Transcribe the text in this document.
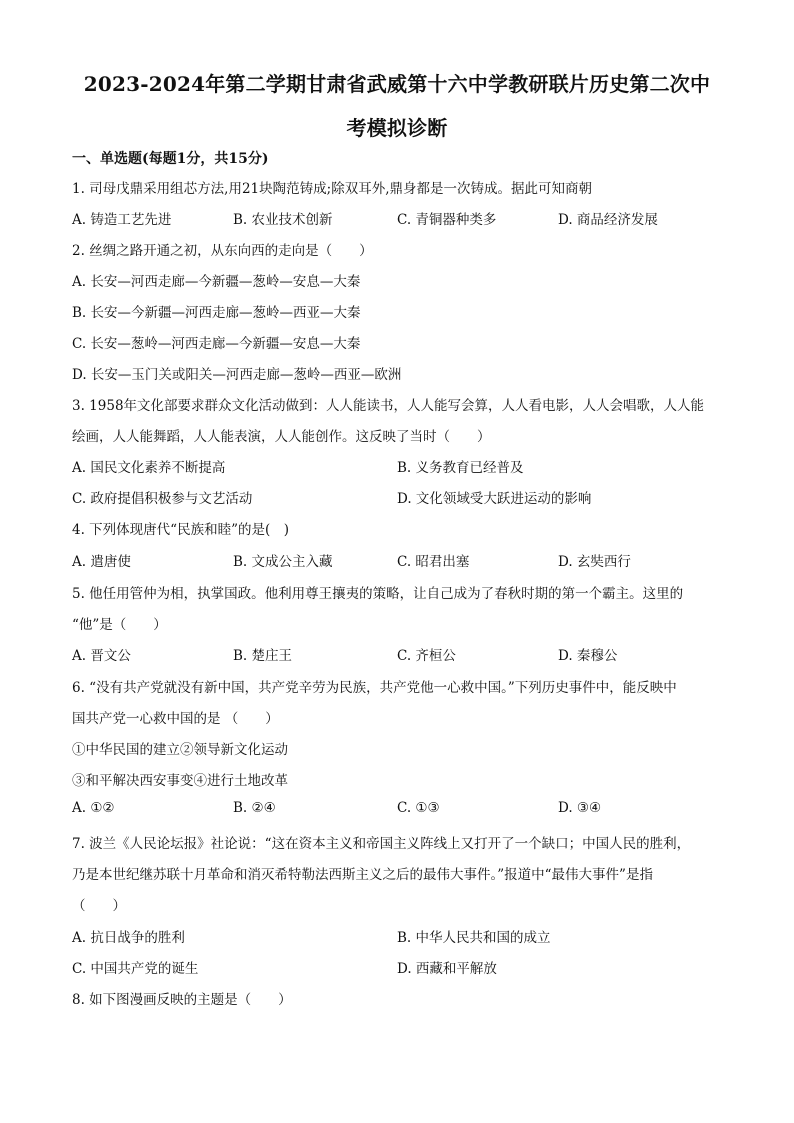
2023-2024年第二学期甘肃省武威第十六中学教研联片历史第二次中
考模拟诊断
一、单选题(每题1分，共15分)
1. 司母戊鼎采用组芯方法,用21块陶范铸成;除双耳外,鼎身都是一次铸成。据此可知商朝
A. 铸造工艺先进	B. 农业技术创新	C. 青铜器种类多	D. 商品经济发展
2. 丝绸之路开通之初，从东向西的走向是（　　）
A. 长安—河西走廊—今新疆—葱岭—安息—大秦
B. 长安—今新疆—河西走廊—葱岭—西亚—大秦
C. 长安—葱岭—河西走廊—今新疆—安息—大秦
D. 长安—玉门关或阳关—河西走廊—葱岭—西亚—欧洲
3. 1958年文化部要求群众文化活动做到：人人能读书，人人能写会算，人人看电影，人人会唱歌，人人能
绘画，人人能舞蹈，人人能表演，人人能创作。这反映了当时（　　）
A. 国民文化素养不断提高	B. 义务教育已经普及
C. 政府提倡积极参与文艺活动	D. 文化领域受大跃进运动的影响
4. 下列体现唐代“民族和睦”的是(　)
A. 遣唐使	B. 文成公主入藏	C. 昭君出塞	D. 玄奘西行
5. 他任用管仲为相，执掌国政。他利用尊王攘夷的策略，让自己成为了春秋时期的第一个霸主。这里的
“他”是（　　）
A. 晋文公	B. 楚庄王	C. 齐桓公	D. 秦穆公
6. “没有共产党就没有新中国，共产党辛劳为民族，共产党他一心救中国。”下列历史事件中，能反映中
国共产党一心救中国的是 （　　）
①中华民国的建立②领导新文化运动
③和平解决西安事变④进行土地改革
A. ①②	B. ②④	C. ①③	D. ③④
7. 波兰《人民论坛报》社论说：“这在资本主义和帝国主义阵线上又打开了一个缺口；中国人民的胜利，
乃是本世纪继苏联十月革命和消灭希特勒法西斯主义之后的最伟大事件。”报道中“最伟大事件”是指
（　　）
A. 抗日战争的胜利	B. 中华人民共和国的成立
C. 中国共产党的诞生	D. 西藏和平解放
8. 如下图漫画反映的主题是（　　）
